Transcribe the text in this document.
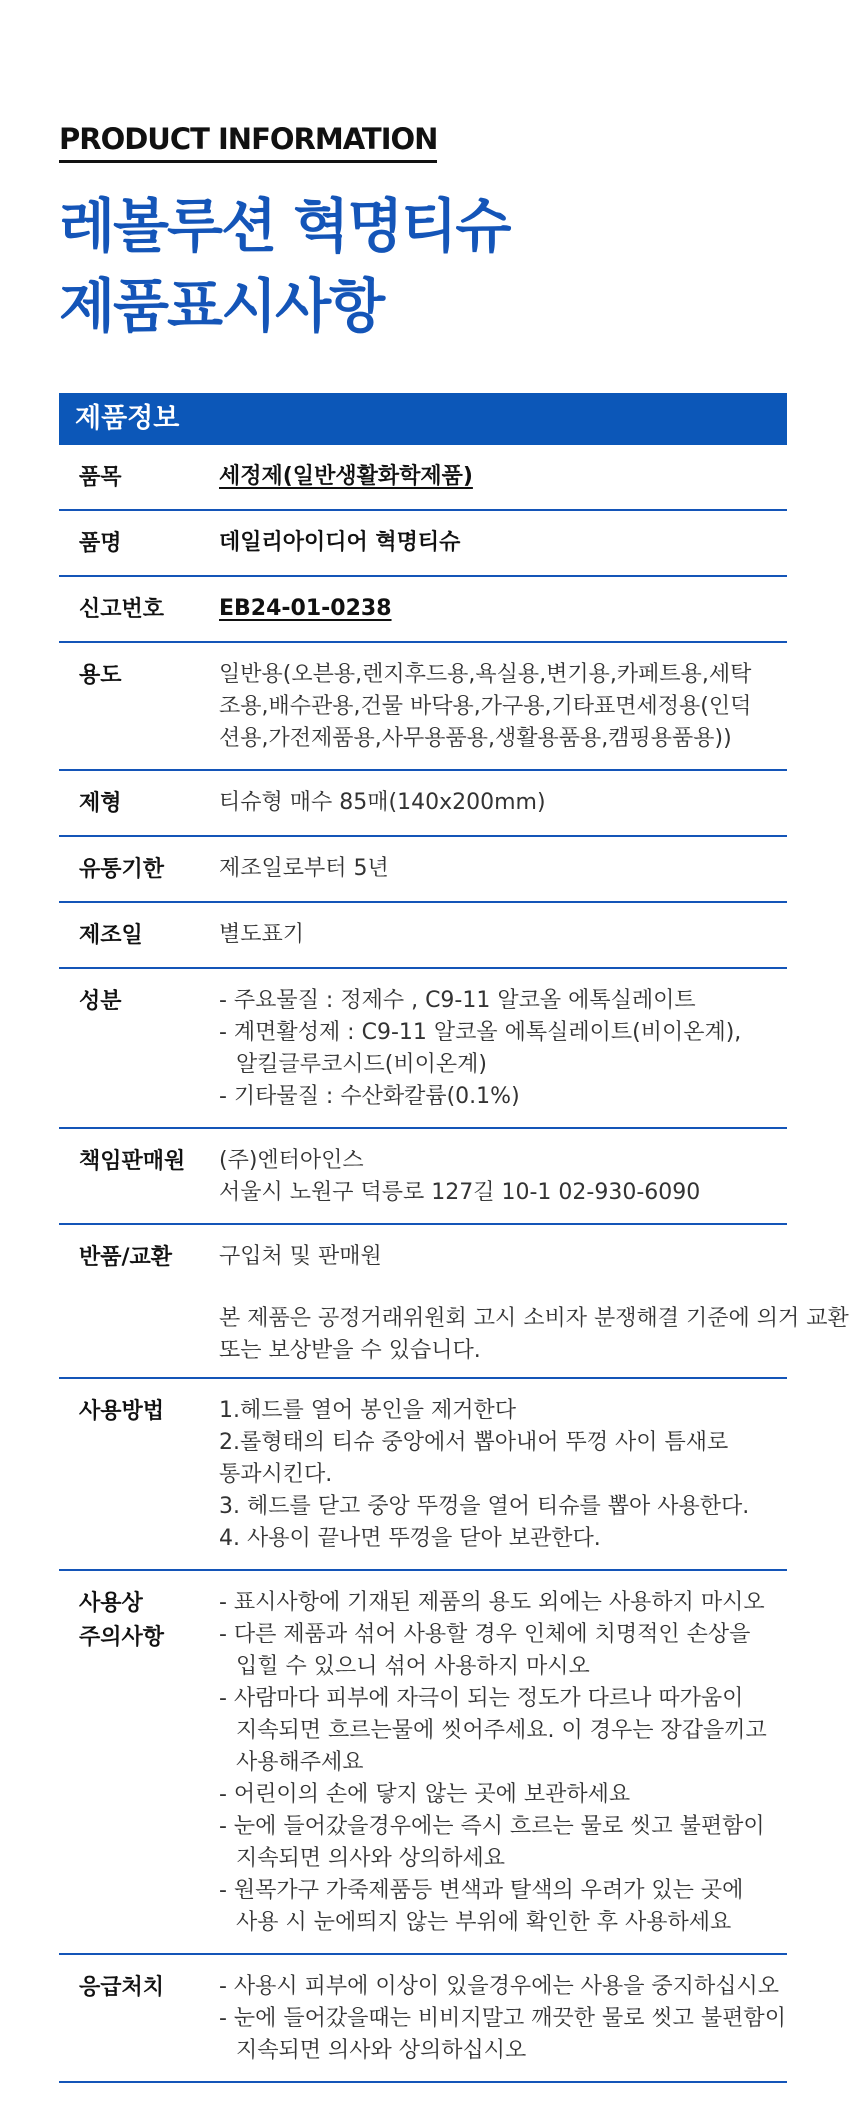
PRODUCT INFORMATION
레볼루션 혁명티슈
제품표시사항
제품정보
품목	세정제(일반생활화학제품)
품명	데일리아이디어 혁명티슈
신고번호	EB24-01-0238
용도	일반용(오븐용,렌지후드용,욕실용,변기용,카페트용,세탁
조용,배수관용,건물 바닥용,가구용,기타표면세정용(인덕
션용,가전제품용,사무용품용,생활용품용,캠핑용품용))
제형	티슈형 매수 85매(140x200mm)
유통기한	제조일로부터 5년
제조일	별도표기
성분	- 주요물질 : 정제수 , C9-11 알코올 에톡실레이트
- 계면활성제 : C9-11 알코올 에톡실레이트(비이온계),
알킬글루코시드(비이온계)
- 기타물질 : 수산화칼륨(0.1%)
책임판매원	(주)엔터아인스
서울시 노원구 덕릉로 127길 10-1 02-930-6090
반품/교환	구입처 및 판매원
본 제품은 공정거래위원회 고시 소비자 분쟁해결 기준에 의거 교환
또는 보상받을 수 있습니다.
사용방법	1.헤드를 열어 봉인을 제거한다
2.롤형태의 티슈 중앙에서 뽑아내어 뚜껑 사이 틈새로
통과시킨다.
3. 헤드를 닫고 중앙 뚜껑을 열어 티슈를 뽑아 사용한다.
4. 사용이 끝나면 뚜껑을 닫아 보관한다.
사용상
주의사항
- 표시사항에 기재된 제품의 용도 외에는 사용하지 마시오
- 다른 제품과 섞어 사용할 경우 인체에 치명적인 손상을
입힐 수 있으니 섞어 사용하지 마시오
- 사람마다 피부에 자극이 되는 정도가 다르나 따가움이
지속되면 흐르는물에 씻어주세요. 이 경우는 장갑을끼고
사용해주세요
- 어린이의 손에 닿지 않는 곳에 보관하세요
- 눈에 들어갔을경우에는 즉시 흐르는 물로 씻고 불편함이
지속되면 의사와 상의하세요
- 원목가구 가죽제품등 변색과 탈색의 우려가 있는 곳에
사용 시 눈에띄지 않는 부위에 확인한 후 사용하세요
응급처치	- 사용시 피부에 이상이 있을경우에는 사용을 중지하십시오
- 눈에 들어갔을때는 비비지말고 깨끗한 물로 씻고 불편함이
지속되면 의사와 상의하십시오
